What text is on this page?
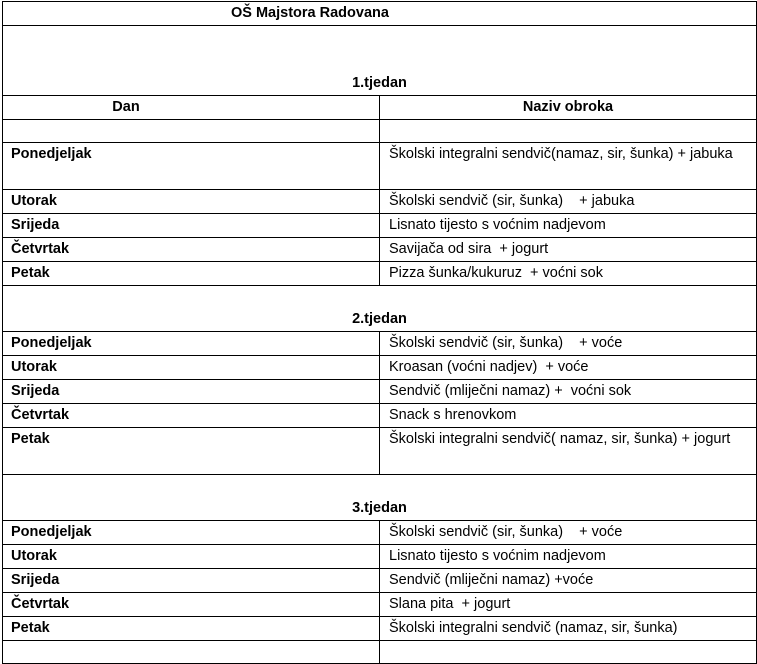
OŠ Majstora Radovana	
1.tjedan	
Dan	Naziv obroka

Ponedjeljak	Školski integralni sendvič(namaz, sir, šunka) + jabuka
Utorak	Školski sendvič (sir, šunka)    + jabuka
Srijeda	Lisnato tijesto s voćnim nadjevom
Četvrtak	Savijača od sira  + jogurt
Petak	Pizza šunka/kukuruz  + voćni sok
2.tjedan	
Ponedjeljak	Školski sendvič (sir, šunka)    + voće
Utorak	Kroasan (voćni nadjev)  + voće
Srijeda	Sendvič (mliječni namaz) +  voćni sok
Četvrtak	Snack s hrenovkom
Petak	Školski integralni sendvič( namaz, sir, šunka) + jogurt
3.tjedan	
Ponedjeljak	Školski sendvič (sir, šunka)    + voće
Utorak	Lisnato tijesto s voćnim nadjevom
Srijeda	Sendvič (mliječni namaz) +voće
Četvrtak	Slana pita  + jogurt
Petak	Školski integralni sendvič (namaz, sir, šunka)
